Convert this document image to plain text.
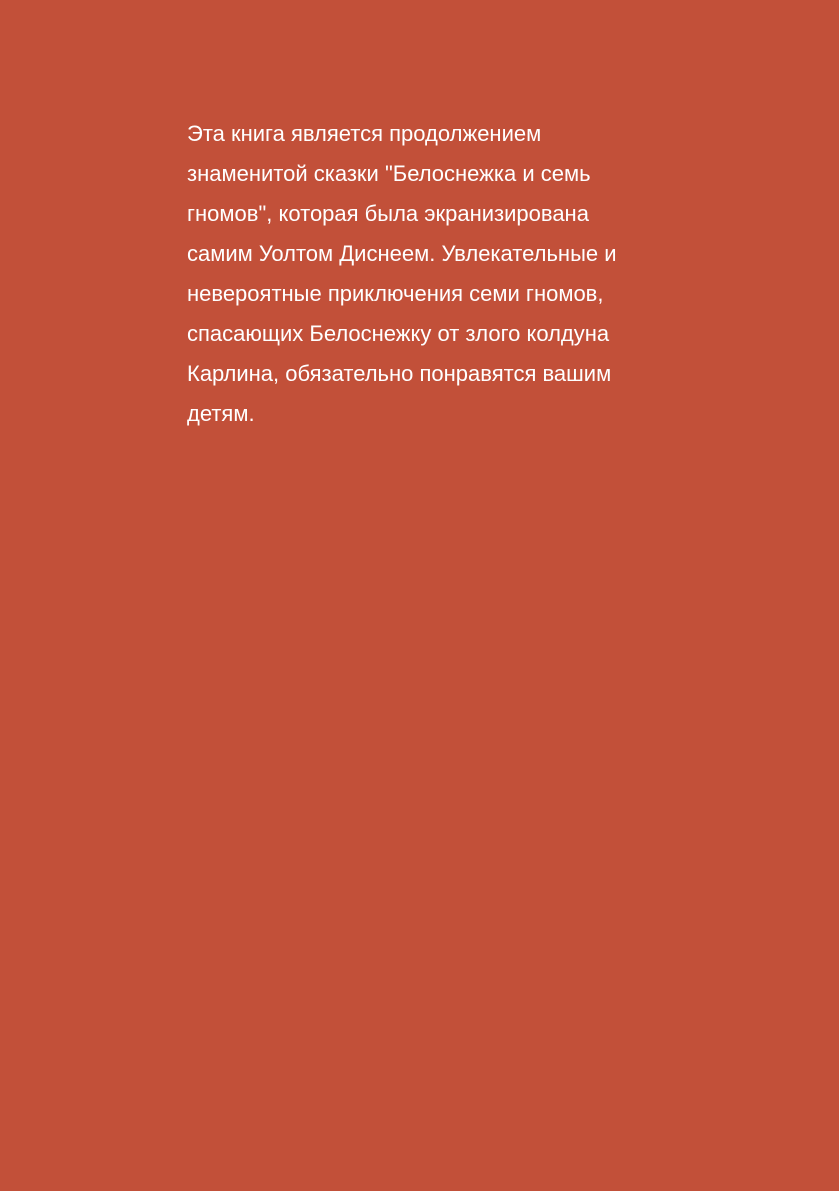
Эта книга является продолжением
знаменитой сказки "Белоснежка и семь
гномов", которая была экранизирована
самим Уолтом Диснеем. Увлекательные и
невероятные приключения семи гномов,
спасающих Белоснежку от злого колдуна
Карлина, обязательно понравятся вашим
детям.
